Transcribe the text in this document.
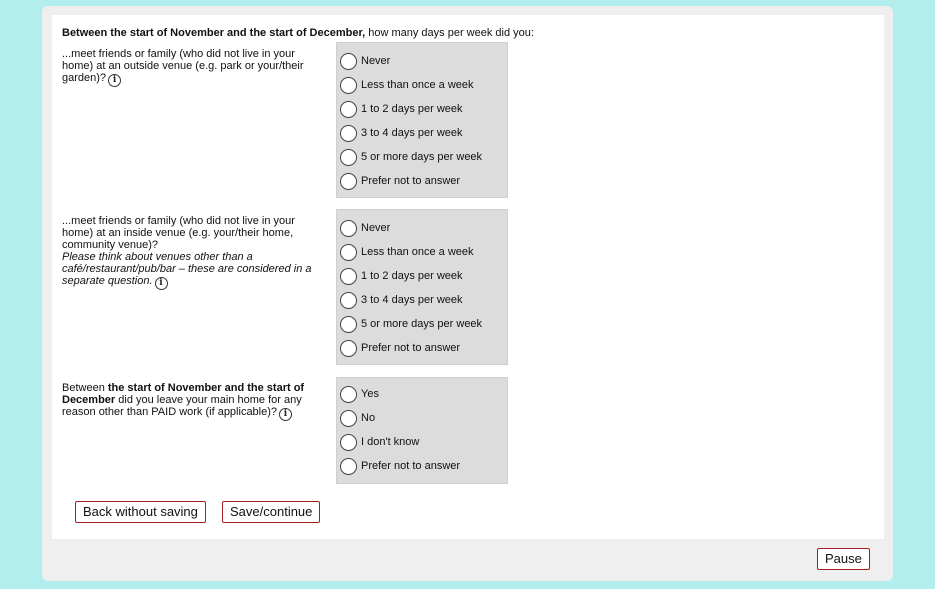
Between the start of November and the start of December, how many days per week did you:
...meet friends or family (who did not live in your home) at an outside venue (e.g. park or your/their garden)? i
Never
Less than once a week
1 to 2 days per week
3 to 4 days per week
5 or more days per week
Prefer not to answer
...meet friends or family (who did not live in your home) at an inside venue (e.g. your/their home, community venue)?
Please think about venues other than a café/restaurant/pub/bar – these are considered in a separate question. i
Never
Less than once a week
1 to 2 days per week
3 to 4 days per week
5 or more days per week
Prefer not to answer
Between the start of November and the start of December did you leave your main home for any reason other than PAID work (if applicable)? i
Yes
No
I don't know
Prefer not to answer
Back without saving	Save/continue
Pause
